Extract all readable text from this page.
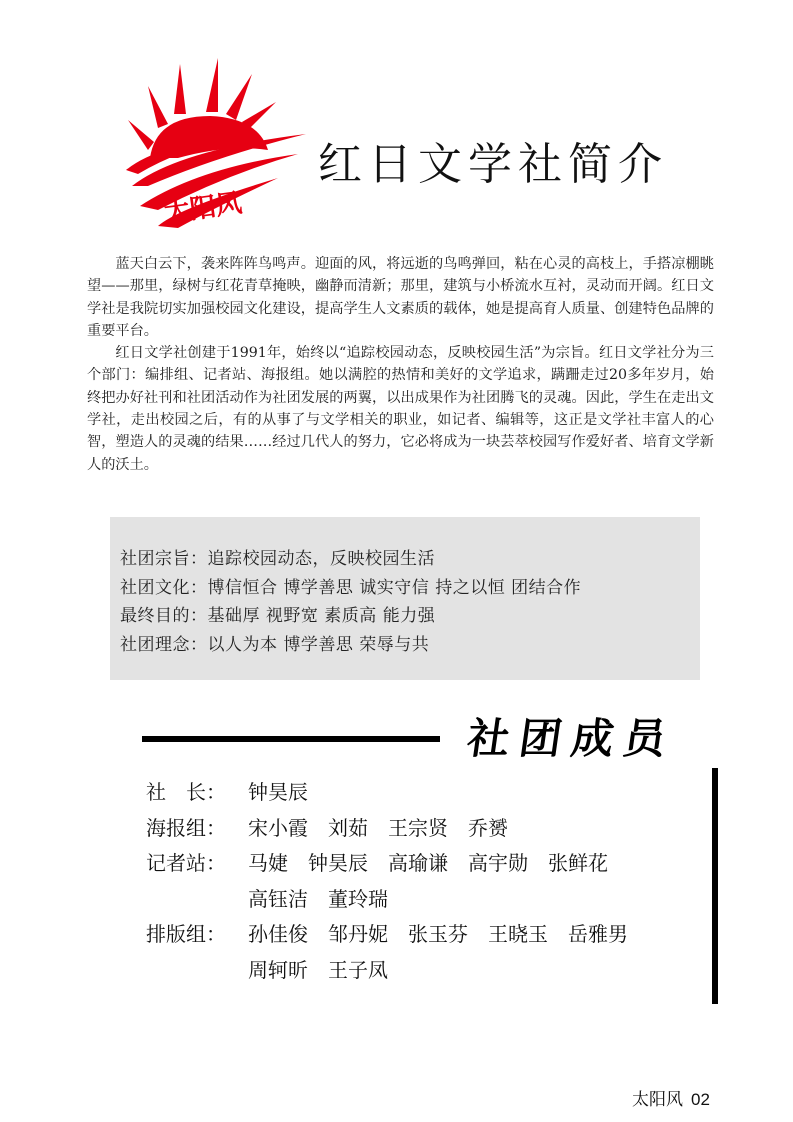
太阳风
红日文学社简介

蓝天白云下，袭来阵阵鸟鸣声。迎面的风，将远逝的鸟鸣弹回，粘在心灵的高枝上，手搭凉棚眺望——那里，绿树与红花青草掩映，幽静而清新；那里，建筑与小桥流水互衬，灵动而开阔。红日文学社是我院切实加强校园文化建设，提高学生人文素质的载体，她是提高育人质量、创建特色品牌的重要平台。

红日文学社创建于1991年，始终以“追踪校园动态，反映校园生活”为宗旨。红日文学社分为三个部门：编排组、记者站、海报组。她以满腔的热情和美好的文学追求，蹒跚走过20多年岁月，始终把办好社刊和社团活动作为社团发展的两翼，以出成果作为社团腾飞的灵魂。因此，学生在走出文学社，走出校园之后，有的从事了与文学相关的职业，如记者、编辑等，这正是文学社丰富人的心智，塑造人的灵魂的结果……经过几代人的努力，它必将成为一块芸萃校园写作爱好者、培育文学新人的沃土。

社团宗旨：追踪校园动态，反映校园生活
社团文化：博信恒合 博学善思 诚实守信 持之以恒 团结合作
最终目的：基础厚 视野宽 素质高 能力强
社团理念：以人为本 博学善思 荣辱与共
社团成员
社　长：	钟昊辰
海报组：	宋小霞 刘茹 王宗贤 乔赟
记者站：	马婕 钟昊辰 高瑜谦 高宇勋 张鲜花
高钰洁 董玲瑞
排版组：	孙佳俊 邹丹妮 张玉芬 王晓玉 岳雅男
周轲昕 王子凤
太阳风 02
